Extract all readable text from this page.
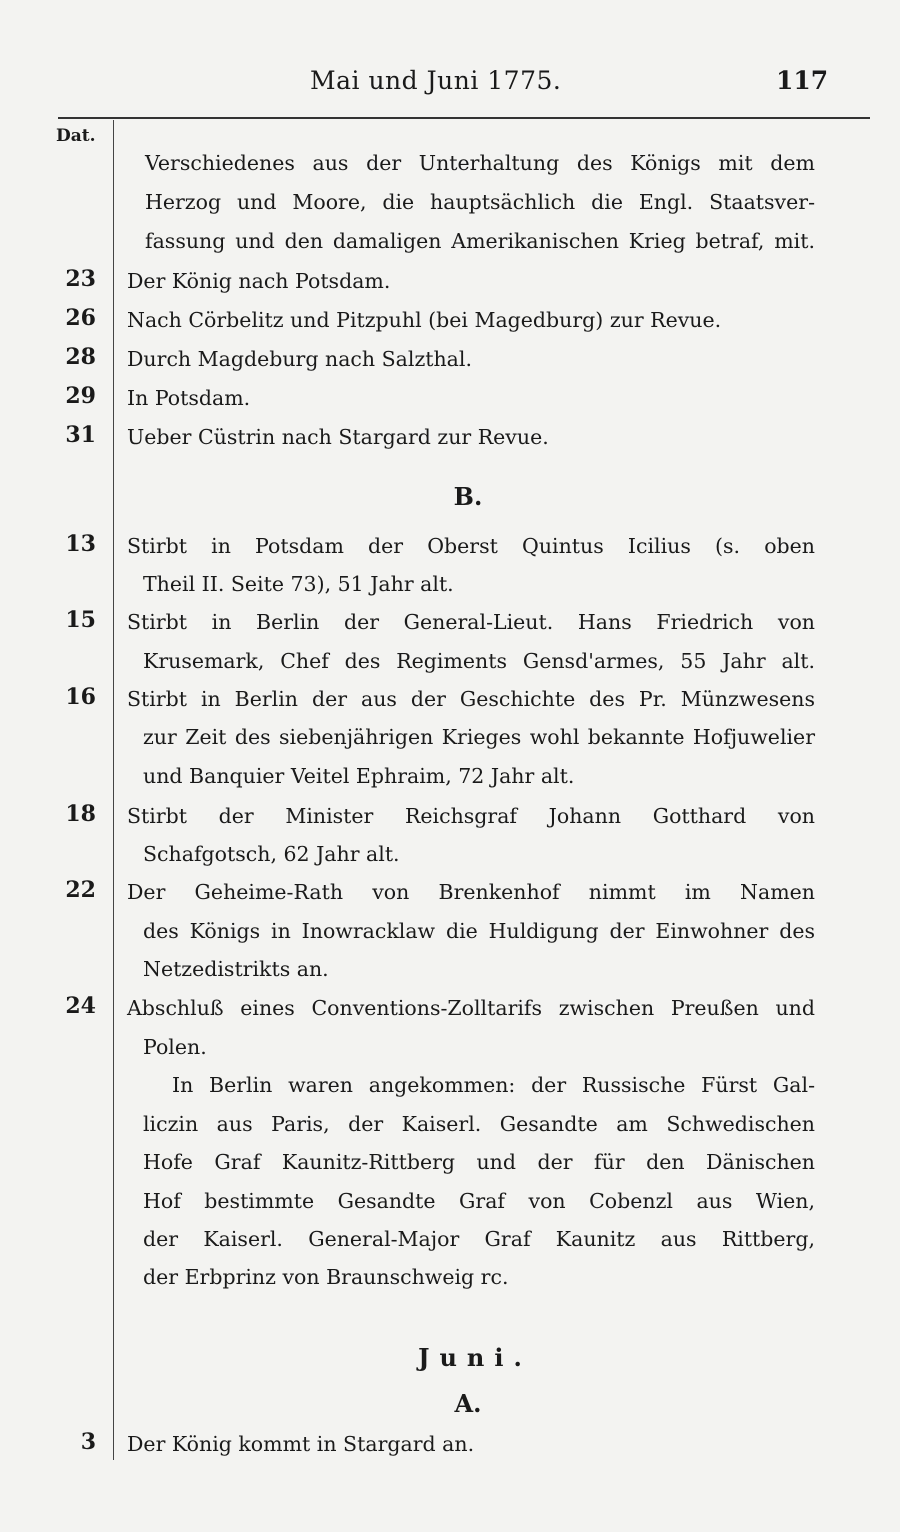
Mai und Juni 1775.	117
Dat.
Verschiedenes aus der Unterhaltung des Königs mit dem
Herzog und Moore, die hauptsächlich die Engl. Staatsver-
fassung und den damaligen Amerikanischen Krieg betraf, mit.
23 Der König nach Potsdam.
26 Nach Cörbelitz und Pitzpuhl (bei Magedburg) zur Revue.
28 Durch Magdeburg nach Salzthal.
29 In Potsdam.
31 Ueber Cüstrin nach Stargard zur Revue.
B.
13 Stirbt in Potsdam der Oberst Quintus Icilius (s. oben
Theil II. Seite 73), 51 Jahr alt.
15 Stirbt in Berlin der General-Lieut. Hans Friedrich von
Krusemark, Chef des Regiments Gensd'armes, 55 Jahr alt.
16 Stirbt in Berlin der aus der Geschichte des Pr. Münzwesens
zur Zeit des siebenjährigen Krieges wohl bekannte Hofjuwelier
und Banquier Veitel Ephraim, 72 Jahr alt.
18 Stirbt der Minister Reichsgraf Johann Gotthard von
Schafgotsch, 62 Jahr alt.
22 Der Geheime-Rath von Brenkenhof nimmt im Namen
des Königs in Inowracklaw die Huldigung der Einwohner des
Netzedistrikts an.
24 Abschluß eines Conventions-Zolltarifs zwischen Preußen und
Polen.
In Berlin waren angekommen: der Russische Fürst Gal-
liczin aus Paris, der Kaiserl. Gesandte am Schwedischen
Hofe Graf Kaunitz-Rittberg und der für den Dänischen
Hof bestimmte Gesandte Graf von Cobenzl aus Wien,
der Kaiserl. General-Major Graf Kaunitz aus Rittberg,
der Erbprinz von Braunschweig rc.
Juni.
A.
3 Der König kommt in Stargard an.
